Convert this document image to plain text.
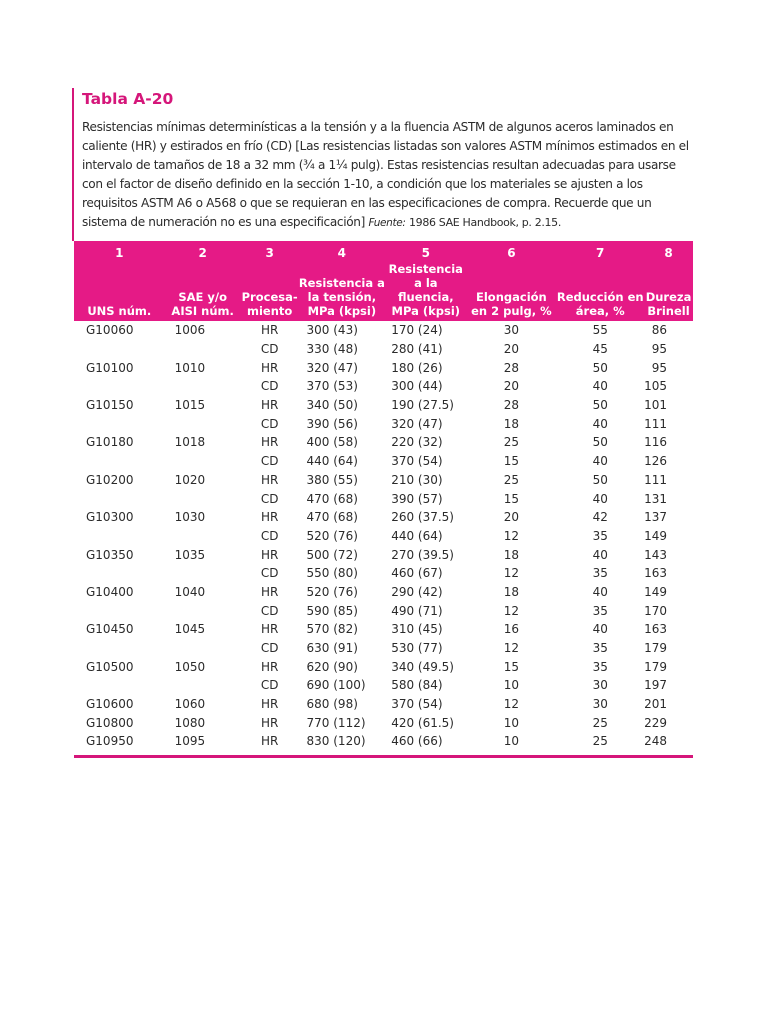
Tabla A-20

Resistencias mínimas determinísticas a la tensión y a la fluencia ASTM de algunos aceros laminados en caliente (HR) y estirados en frío (CD) [Las resistencias listadas son valores ASTM mínimos estimados en el intervalo de tamaños de 18 a 32 mm (¾ a 1¼ pulg). Estas resistencias resultan adecuadas para usarse con el factor de diseño definido en la sección 1-10, a condición que los materiales se ajusten a los requisitos ASTM A6 o A568 o que se requieran en las especificaciones de compra. Recuerde que un sistema de numeración no es una especificación] Fuente: 1986 SAE Handbook, p. 2.15.

1	2	3	4	5	6	7	8
UNS núm.	SAE y/o AISI núm.	Procesa-miento	Resistencia a la tensión, MPa (kpsi)	Resistencia a la fluencia, MPa (kpsi)	Elongación en 2 pulg, %	Reducción en área, %	Dureza Brinell
G10060	1006	HR	300 (43)	170 (24)	30	55	86
		CD	330 (48)	280 (41)	20	45	95
G10100	1010	HR	320 (47)	180 (26)	28	50	95
		CD	370 (53)	300 (44)	20	40	105
G10150	1015	HR	340 (50)	190 (27.5)	28	50	101
		CD	390 (56)	320 (47)	18	40	111
G10180	1018	HR	400 (58)	220 (32)	25	50	116
		CD	440 (64)	370 (54)	15	40	126
G10200	1020	HR	380 (55)	210 (30)	25	50	111
		CD	470 (68)	390 (57)	15	40	131
G10300	1030	HR	470 (68)	260 (37.5)	20	42	137
		CD	520 (76)	440 (64)	12	35	149
G10350	1035	HR	500 (72)	270 (39.5)	18	40	143
		CD	550 (80)	460 (67)	12	35	163
G10400	1040	HR	520 (76)	290 (42)	18	40	149
		CD	590 (85)	490 (71)	12	35	170
G10450	1045	HR	570 (82)	310 (45)	16	40	163
		CD	630 (91)	530 (77)	12	35	179
G10500	1050	HR	620 (90)	340 (49.5)	15	35	179
		CD	690 (100)	580 (84)	10	30	197
G10600	1060	HR	680 (98)	370 (54)	12	30	201
G10800	1080	HR	770 (112)	420 (61.5)	10	25	229
G10950	1095	HR	830 (120)	460 (66)	10	25	248
